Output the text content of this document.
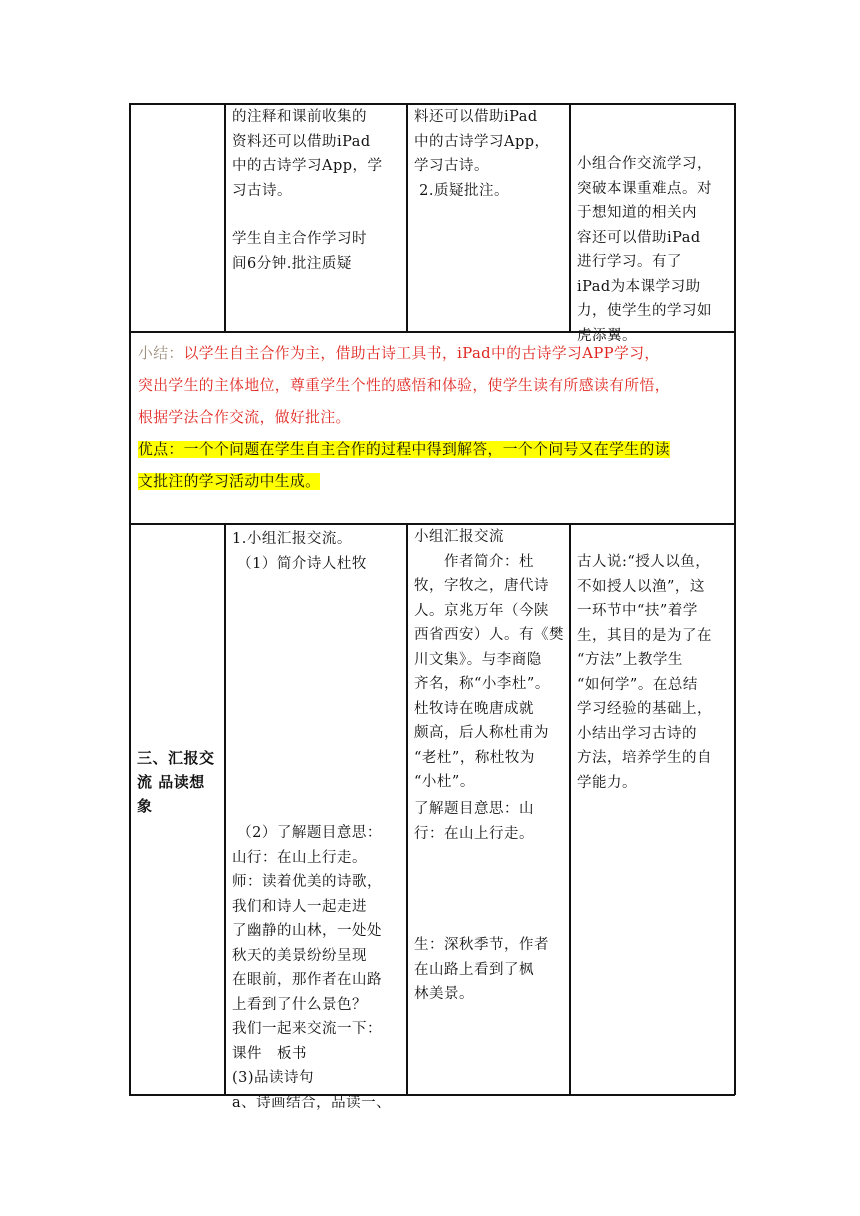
的注释和课前收集的

资料还可以借助iPad

中的古诗学习App，学

习古诗。

学生自主合作学习时

间6分钟.批注质疑

料还可以借助iPad

中的古诗学习App，

学习古诗。

2.质疑批注。

小组合作交流学习，

突破本课重难点。对

于想知道的相关内

容还可以借助iPad

进行学习。有了

iPad为本课学习助

力，使学生的学习如

虎添翼。

小结：以学生自主合作为主，借助古诗工具书，iPad中的古诗学习APP学习，

突出学生的主体地位，尊重学生个性的感悟和体验，使学生读有所感读有所悟，

根据学法合作交流，做好批注。

优点：一个个问题在学生自主合作的过程中得到解答，一个个问号又在学生的读

文批注的学习活动中生成。

三、汇报交

流 品读想

象

1.小组汇报交流。

（1）简介诗人杜牧

（2）了解题目意思：

山行：在山上行走。

师：读着优美的诗歌，

我们和诗人一起走进

了幽静的山林，一处处

秋天的美景纷纷呈现

在眼前，那作者在山路

上看到了什么景色？

我们一起来交流一下：

课件　板书

(3)品读诗句

a、诗画结合，品读一、

小组汇报交流

　　作者简介：杜

牧，字牧之，唐代诗

人。京兆万年（今陕

西省西安）人。有《樊

川文集》。与李商隐

齐名，称“小李杜”。

杜牧诗在晚唐成就

颇高，后人称杜甫为

“老杜”，称杜牧为

“小杜”。

了解题目意思：山

行：在山上行走。

生：深秋季节，作者

在山路上看到了枫

林美景。

古人说:“授人以鱼，

不如授人以渔”，这

一环节中“扶”着学

生，其目的是为了在

“方法”上教学生

“如何学”。在总结

学习经验的基础上，

小结出学习古诗的

方法，培养学生的自

学能力。
